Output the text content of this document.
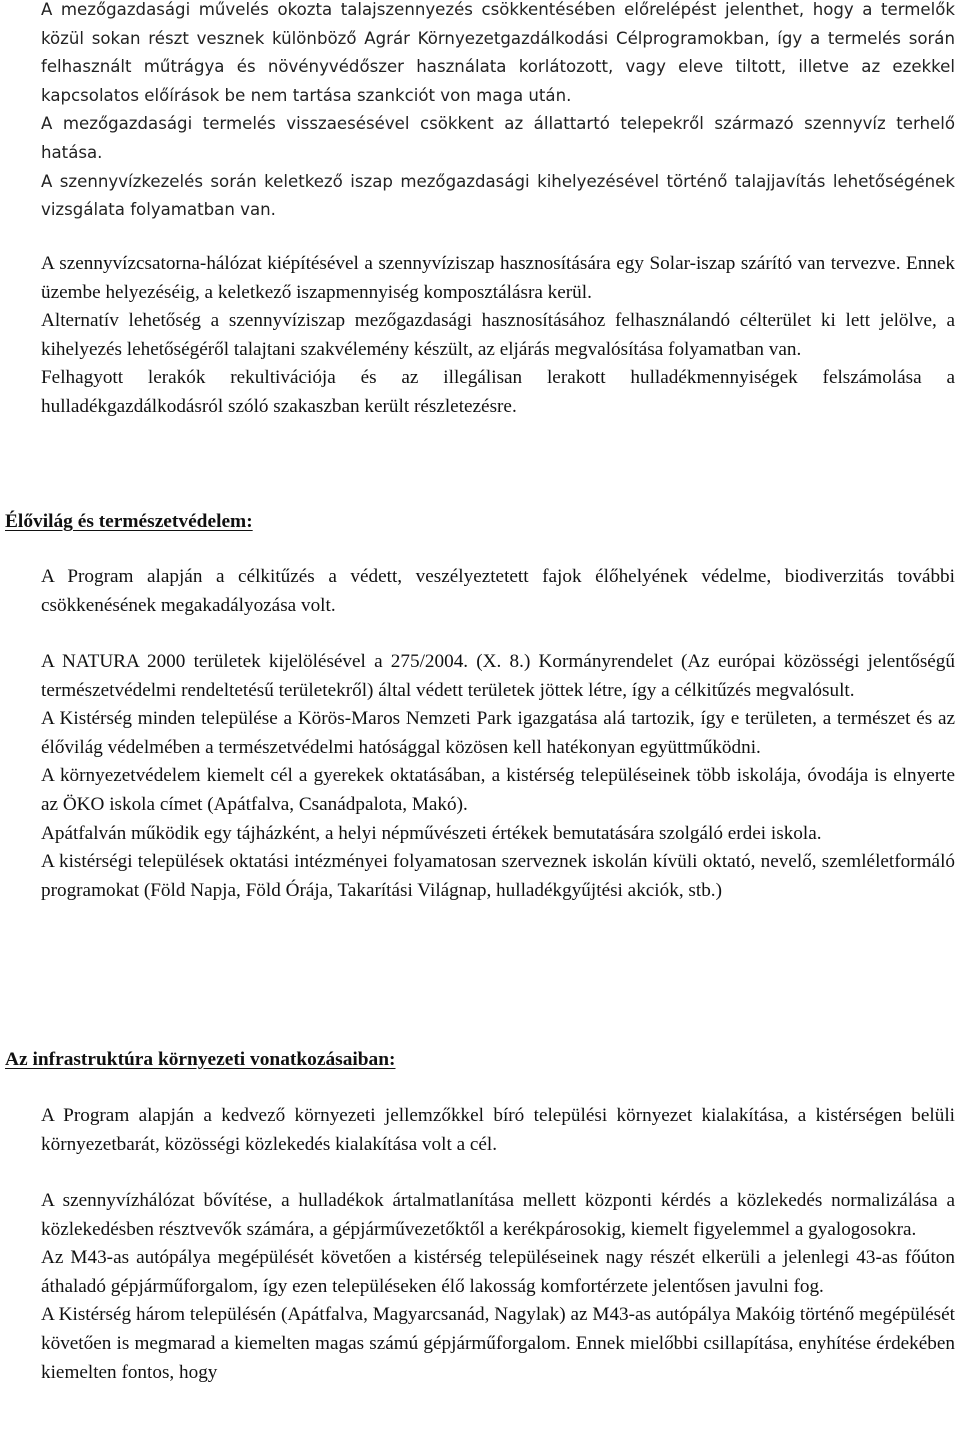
A mezőgazdasági művelés okozta talajszennyezés csökkentésében előrelépést jelenthet, hogy a termelők közül sokan részt vesznek különböző Agrár Környezetgazdálkodási Célprogramokban, így a termelés során felhasznált műtrágya és növényvédőszer használata korlátozott, vagy eleve tiltott, illetve az ezekkel kapcsolatos előírások be nem tartása szankciót von maga után.

A mezőgazdasági termelés visszaesésével csökkent az állattartó telepekről származó szennyvíz terhelő hatása.

A szennyvízkezelés során keletkező iszap mezőgazdasági kihelyezésével történő talajjavítás lehetőségének vizsgálata folyamatban van.

A szennyvízcsatorna-hálózat kiépítésével a szennyvíziszap hasznosítására egy Solar-iszap szárító van tervezve. Ennek üzembe helyezéséig, a keletkező iszapmennyiség komposztálásra kerül.

Alternatív lehetőség a szennyvíziszap mezőgazdasági hasznosításához felhasználandó célterület ki lett jelölve, a kihelyezés lehetőségéről talajtani szakvélemény készült, az eljárás megvalósítása folyamatban van.

Felhagyott lerakók rekultivációja és az illegálisan lerakott hulladékmennyiségek felszámolása a hulladékgazdálkodásról szóló szakaszban került részletezésre.

Élővilág és természetvédelem:

A Program alapján a célkitűzés a védett, veszélyeztetett fajok élőhelyének védelme, biodiverzitás további csökkenésének megakadályozása volt.

A NATURA 2000 területek kijelölésével a 275/2004. (X. 8.) Kormányrendelet (Az európai közösségi jelentőségű természetvédelmi rendeltetésű területekről) által védett területek jöttek létre, így a célkitűzés megvalósult.

A Kistérség minden települése a Körös-Maros Nemzeti Park igazgatása alá tartozik, így e területen, a természet és az élővilág védelmében a természetvédelmi hatósággal közösen kell hatékonyan együttműködni.

A környezetvédelem kiemelt cél a gyerekek oktatásában, a kistérség településeinek több iskolája, óvodája is elnyerte az ÖKO iskola címet (Apátfalva, Csanádpalota, Makó).

Apátfalván működik egy tájházként, a helyi népművészeti értékek bemutatására szolgáló erdei iskola.

A kistérségi települések oktatási intézményei folyamatosan szerveznek iskolán kívüli oktató, nevelő, szemléletformáló programokat (Föld Napja, Föld Órája, Takarítási Világnap, hulladékgyűjtési akciók, stb.)

Az infrastruktúra környezeti vonatkozásaiban:

A Program alapján a kedvező környezeti jellemzőkkel bíró települési környezet kialakítása, a kistérségen belüli környezetbarát, közösségi közlekedés kialakítása volt a cél.

A szennyvízhálózat bővítése, a hulladékok ártalmatlanítása mellett központi kérdés a közlekedés normalizálása a közlekedésben résztvevők számára, a gépjárművezetőktől a kerékpárosokig, kiemelt figyelemmel a gyalogosokra.

Az M43-as autópálya megépülését követően a kistérség településeinek nagy részét elkerüli a jelenlegi 43-as főúton áthaladó gépjárműforgalom, így ezen településeken élő lakosság komfortérzete jelentősen javulni fog.

A Kistérség három településén (Apátfalva, Magyarcsanád, Nagylak) az M43-as autópálya Makóig történő megépülését követően is megmarad a kiemelten magas számú gépjárműforgalom. Ennek mielőbbi csillapítása, enyhítése érdekében kiemelten fontos, hogy
